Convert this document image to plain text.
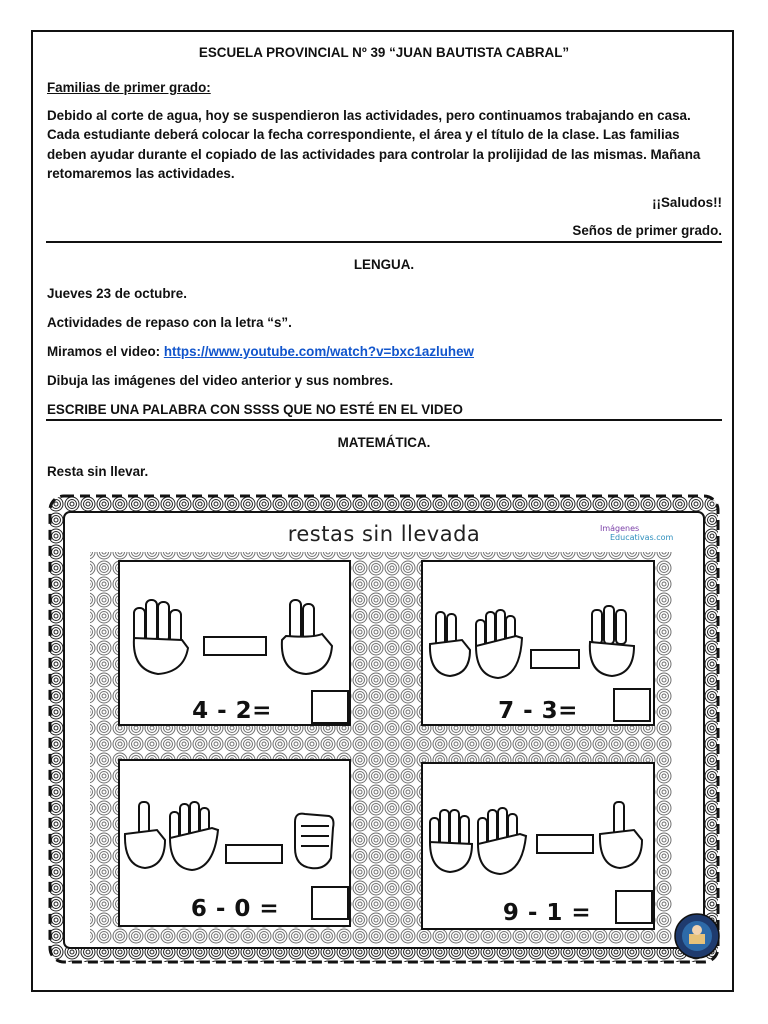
ESCUELA PROVINCIAL Nº 39 “JUAN BAUTISTA CABRAL”
Familias de primer grado:
Debido al corte de agua, hoy se suspendieron las actividades, pero continuamos trabajando en casa.
Cada estudiante deberá colocar la fecha correspondiente, el área y el título de la clase. Las familias
deben ayudar durante el copiado de las actividades para controlar la prolijidad de las mismas. Mañana
retomaremos las actividades.
¡¡Saludos!!
Seños de primer grado.
LENGUA.
Jueves 23 de octubre.
Actividades de repaso con la letra “s”.
Miramos el video: https://www.youtube.com/watch?v=bxc1azluhew
Dibuja las imágenes del video anterior y sus nombres.
ESCRIBE UNA PALABRA CON SSSS QUE NO ESTÉ EN EL VIDEO
MATEMÁTICA.
Resta sin llevar.
restas sin llevada	Imágenes
Educativas.com
4 - 2=	7 - 3=
6 - 0 =	9 - 1 =
